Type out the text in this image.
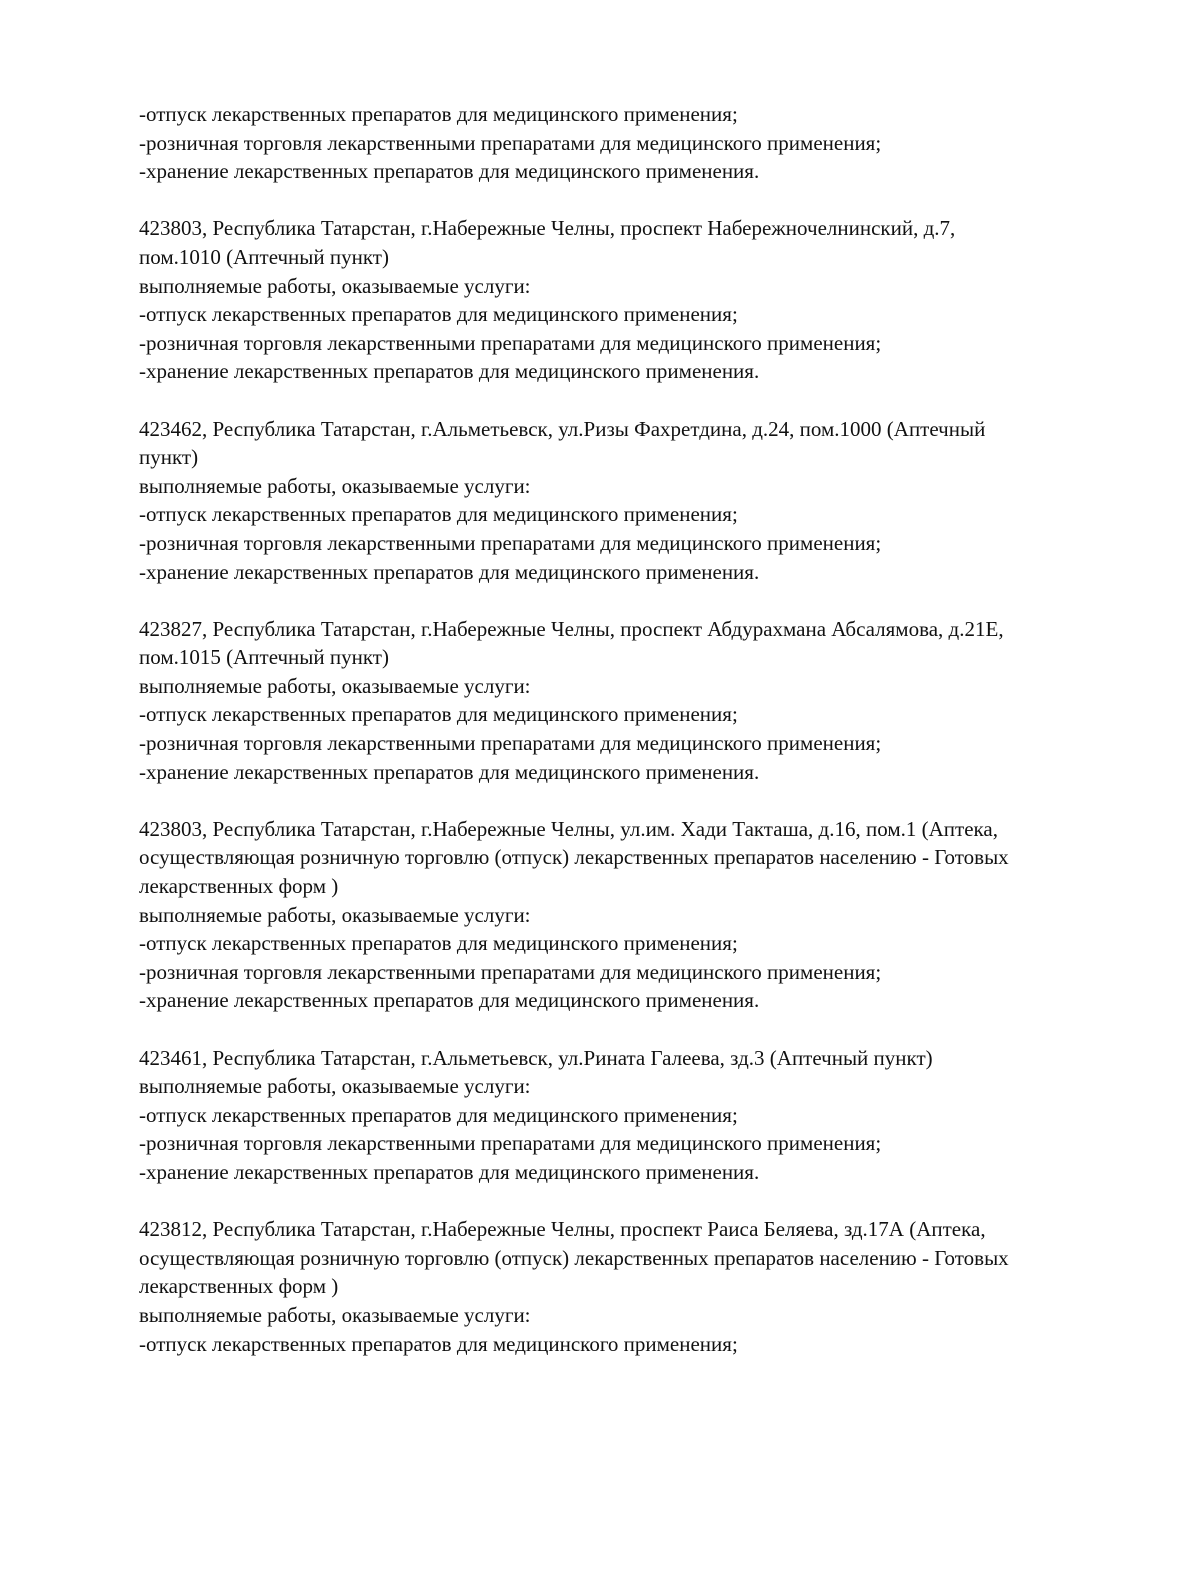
-отпуск лекарственных препаратов для медицинского применения;
-розничная торговля лекарственными препаратами для медицинского применения;
-хранение лекарственных препаратов для медицинского применения.
423803, Республика Татарстан, г.Набережные Челны, проспект Набережночелнинский, д.7,
пом.1010 (Аптечный пункт)
выполняемые работы, оказываемые услуги:
-отпуск лекарственных препаратов для медицинского применения;
-розничная торговля лекарственными препаратами для медицинского применения;
-хранение лекарственных препаратов для медицинского применения.
423462, Республика Татарстан, г.Альметьевск, ул.Ризы Фахретдина, д.24, пом.1000 (Аптечный
пункт)
выполняемые работы, оказываемые услуги:
-отпуск лекарственных препаратов для медицинского применения;
-розничная торговля лекарственными препаратами для медицинского применения;
-хранение лекарственных препаратов для медицинского применения.
423827, Республика Татарстан, г.Набережные Челны, проспект Абдурахмана Абсалямова, д.21Е,
пом.1015 (Аптечный пункт)
выполняемые работы, оказываемые услуги:
-отпуск лекарственных препаратов для медицинского применения;
-розничная торговля лекарственными препаратами для медицинского применения;
-хранение лекарственных препаратов для медицинского применения.
423803, Республика Татарстан, г.Набережные Челны, ул.им. Хади Такташа, д.16, пом.1 (Аптека,
осуществляющая розничную торговлю (отпуск) лекарственных препаратов населению - Готовых
лекарственных форм )
выполняемые работы, оказываемые услуги:
-отпуск лекарственных препаратов для медицинского применения;
-розничная торговля лекарственными препаратами для медицинского применения;
-хранение лекарственных препаратов для медицинского применения.
423461, Республика Татарстан, г.Альметьевск, ул.Рината Галеева, зд.3 (Аптечный пункт)
выполняемые работы, оказываемые услуги:
-отпуск лекарственных препаратов для медицинского применения;
-розничная торговля лекарственными препаратами для медицинского применения;
-хранение лекарственных препаратов для медицинского применения.
423812, Республика Татарстан, г.Набережные Челны, проспект Раиса Беляева, зд.17А (Аптека,
осуществляющая розничную торговлю (отпуск) лекарственных препаратов населению - Готовых
лекарственных форм )
выполняемые работы, оказываемые услуги:
-отпуск лекарственных препаратов для медицинского применения;
